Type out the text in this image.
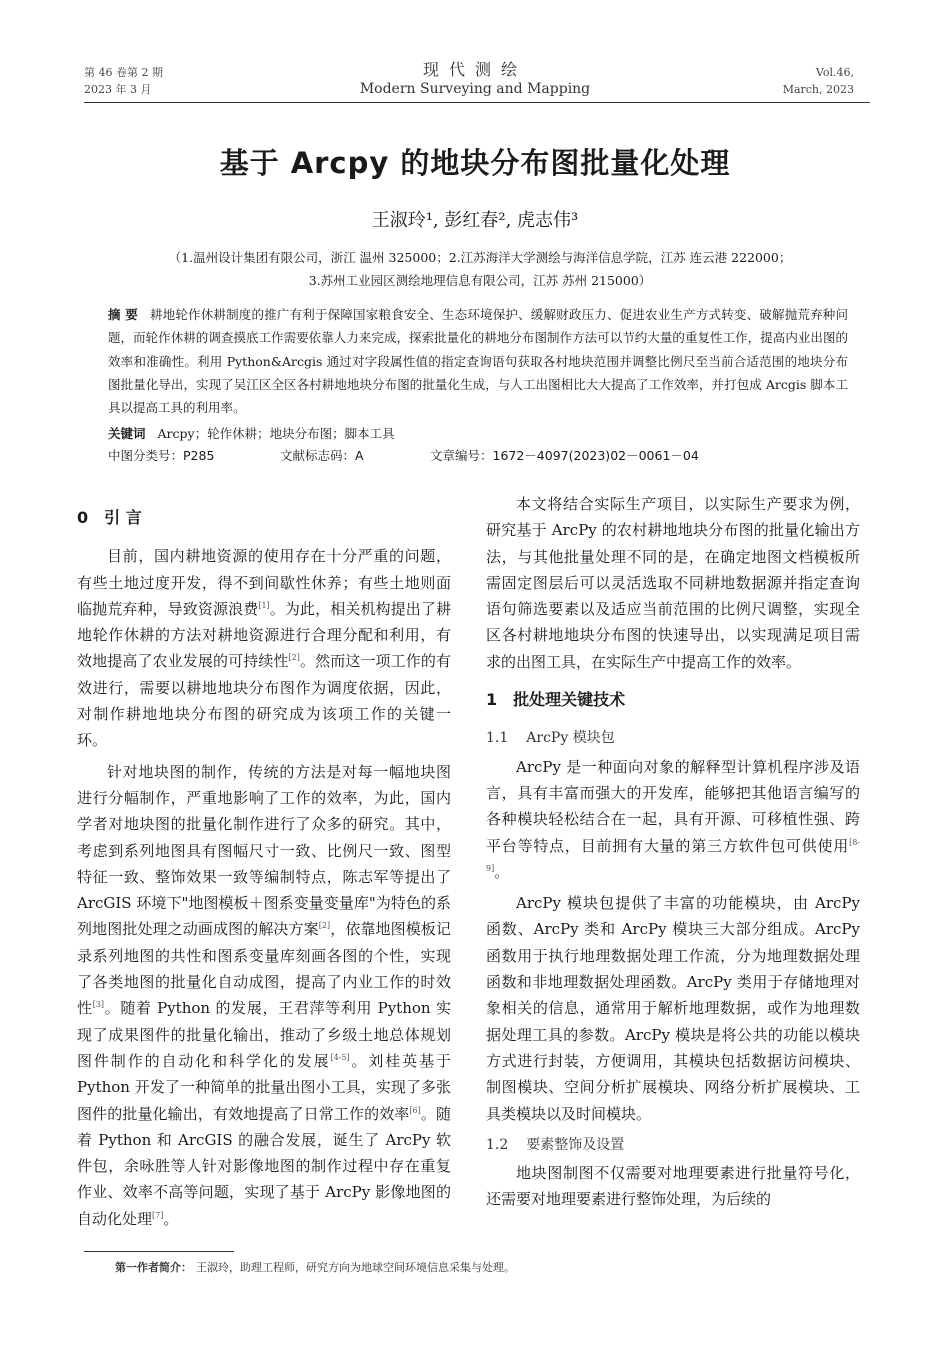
第 46 卷第 2 期
2023 年 3 月
现代测绘
Modern Surveying and Mapping
Vol.46,
March, 2023
基于 Arcpy 的地块分布图批量化处理
王淑玲¹, 彭红春², 虎志伟³
（1.温州设计集团有限公司，浙江 温州 325000；2.江苏海洋大学测绘与海洋信息学院，江苏 连云港 222000；
3.苏州工业园区测绘地理信息有限公司，江苏 苏州 215000）
摘 要 耕地轮作休耕制度的推广有利于保障国家粮食安全、生态环境保护、缓解财政压力、促进农业生产方式转变、破解抛荒弃种问题，而轮作休耕的调查摸底工作需要依靠人力来完成，探索批量化的耕地分布图制作方法可以节约大量的重复性工作，提高内业出图的效率和准确性。利用 Python&Arcgis 通过对字段属性值的指定查询语句获取各村地块范围并调整比例尺至当前合适范围的地块分布图批量化导出，实现了吴江区全区各村耕地地块分布图的批量化生成，与人工出图相比大大提高了工作效率，并打包成 Arcgis 脚本工具以提高工具的利用率。
关键词 Arcpy；轮作休耕；地块分布图；脚本工具
中图分类号：P285	文献标志码：A	文章编号：1672－4097(2023)02－0061－04
0 引 言

目前，国内耕地资源的使用存在十分严重的问题，有些土地过度开发，得不到间歇性休养；有些土地则面临抛荒弃种，导致资源浪费[1]。为此，相关机构提出了耕地轮作休耕的方法对耕地资源进行合理分配和利用，有效地提高了农业发展的可持续性[2]。然而这一项工作的有效进行，需要以耕地地块分布图作为调度依据，因此，对制作耕地地块分布图的研究成为该项工作的关键一环。

针对地块图的制作，传统的方法是对每一幅地块图进行分幅制作，严重地影响了工作的效率，为此，国内学者对地块图的批量化制作进行了众多的研究。其中，考虑到系列地图具有图幅尺寸一致、比例尺一致、图型特征一致、整饰效果一致等编制特点，陈志军等提出了 ArcGIS 环境下"地图模板＋图系变量变量库"为特色的系列地图批处理之动画成图的解决方案[2]，依靠地图模板记录系列地图的共性和图系变量库刻画各图的个性，实现了各类地图的批量化自动成图，提高了内业工作的时效性[3]。随着 Python 的发展，王君萍等利用 Python 实现了成果图件的批量化输出，推动了乡级土地总体规划图件制作的自动化和科学化的发展[4-5]。刘桂英基于 Python 开发了一种简单的批量出图小工具，实现了多张图件的批量化输出，有效地提高了日常工作的效率[6]。随着 Python 和 ArcGIS 的融合发展，诞生了 ArcPy 软件包，余咏胜等人针对影像地图的制作过程中存在重复作业、效率不高等问题，实现了基于 ArcPy 影像地图的自动化处理[7]。

本文将结合实际生产项目，以实际生产要求为例，研究基于 ArcPy 的农村耕地地块分布图的批量化输出方法，与其他批量处理不同的是，在确定地图文档模板所需固定图层后可以灵活选取不同耕地数据源并指定查询语句筛选要素以及适应当前范围的比例尺调整，实现全区各村耕地地块分布图的快速导出，以实现满足项目需求的出图工具，在实际生产中提高工作的效率。

1 批处理关键技术
1.1 ArcPy 模块包

ArcPy 是一种面向对象的解释型计算机程序涉及语言，具有丰富而强大的开发库，能够把其他语言编写的各种模块轻松结合在一起，具有开源、可移植性强、跨平台等特点，目前拥有大量的第三方软件包可供使用[8-9]。

ArcPy 模块包提供了丰富的功能模块，由 ArcPy 函数、ArcPy 类和 ArcPy 模块三大部分组成。ArcPy 函数用于执行地理数据处理工作流，分为地理数据处理函数和非地理数据处理函数。ArcPy 类用于存储地理对象相关的信息，通常用于解析地理数据，或作为地理数据处理工具的参数。ArcPy 模块是将公共的功能以模块方式进行封装，方便调用，其模块包括数据访问模块、制图模块、空间分析扩展模块、网络分析扩展模块、工具类模块以及时间模块。

1.2 要素整饰及设置

地块图制图不仅需要对地理要素进行批量符号化，还需要对地理要素进行整饰处理，为后续的

第一作者简介： 王淑玲，助理工程师，研究方向为地球空间环境信息采集与处理。
